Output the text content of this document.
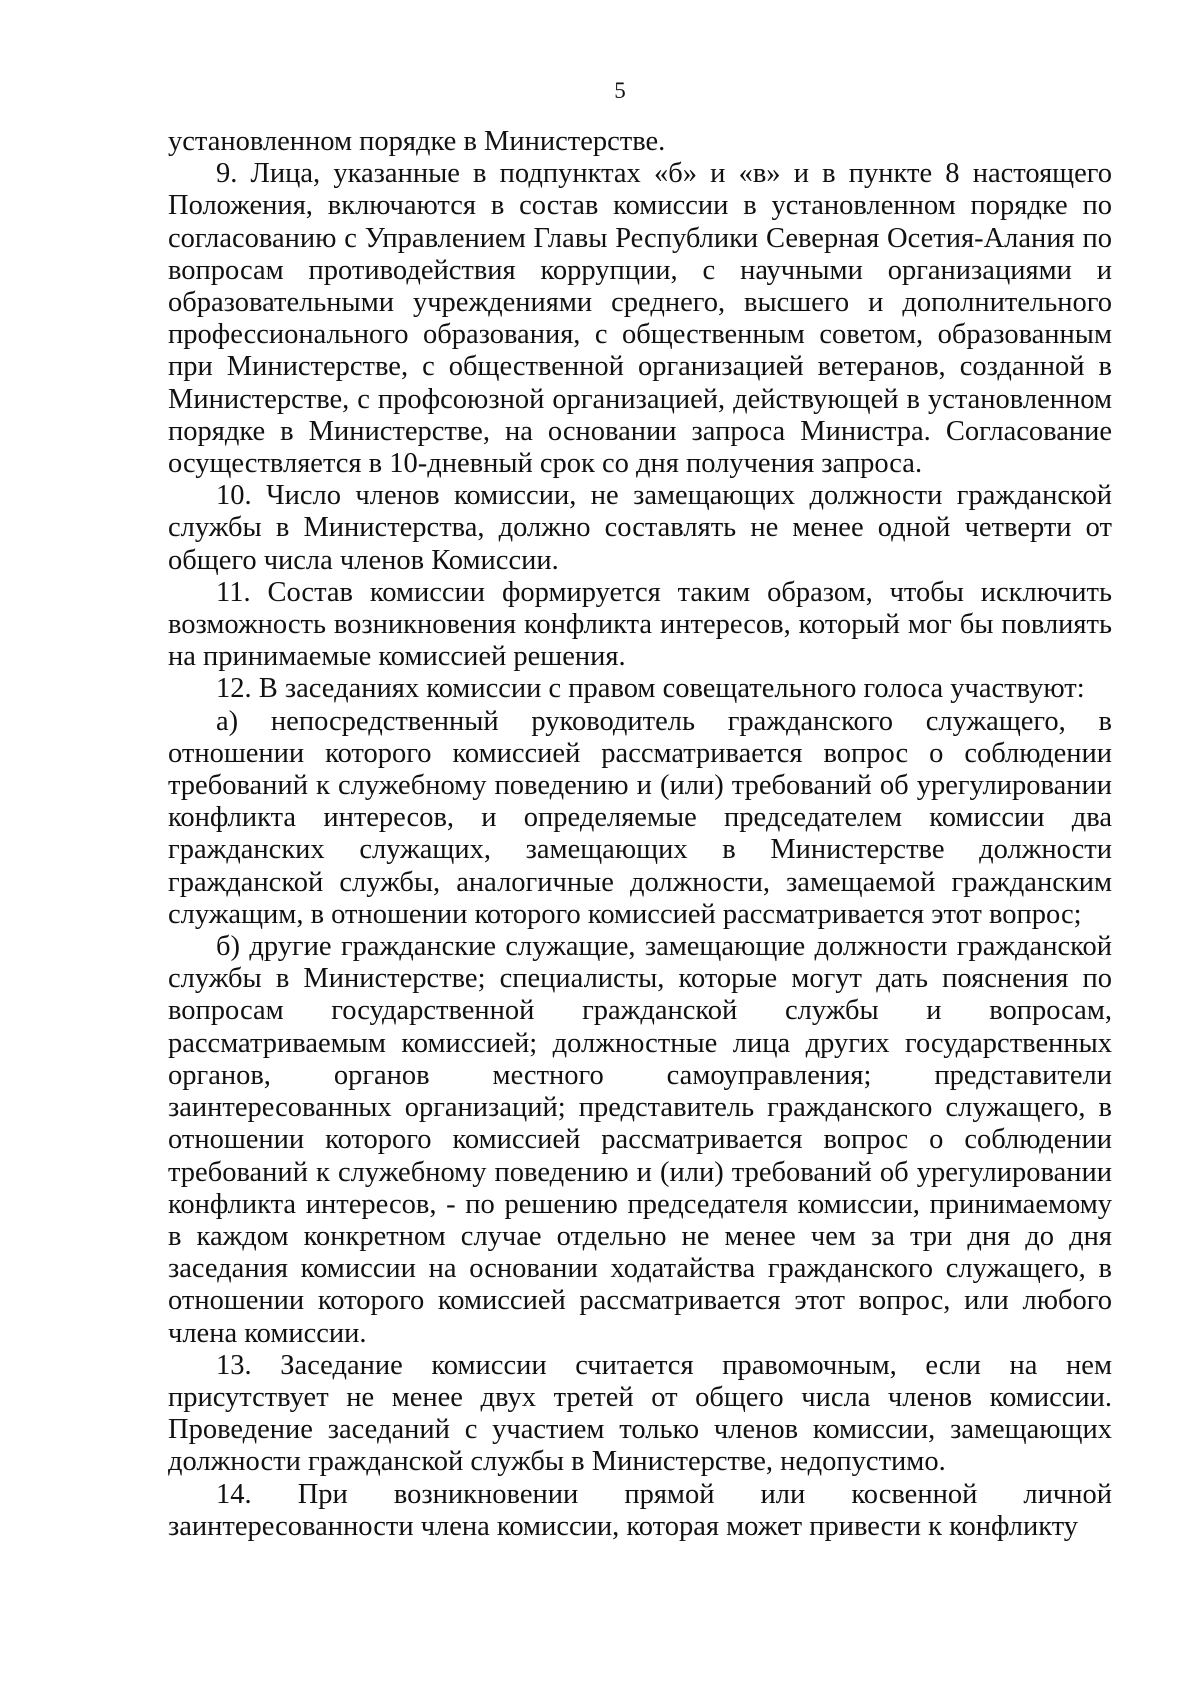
5

установленном порядке в Министерстве.

9. Лица, указанные в подпунктах «б» и «в» и в пункте 8 настоящего Положения, включаются в состав комиссии в установленном порядке по согласованию с Управлением Главы Республики Северная Осетия-Алания по вопросам противодействия коррупции, с научными организациями и образовательными учреждениями среднего, высшего и дополнительного профессионального образования, с общественным советом, образованным при Министерстве, с общественной организацией ветеранов, созданной в Министерстве, с профсоюзной организацией, действующей в установленном порядке в Министерстве, на основании запроса Министра. Согласование осуществляется в 10-дневный срок со дня получения запроса.

10. Число членов комиссии, не замещающих должности гражданской службы в Министерства, должно составлять не менее одной четверти от общего числа членов Комиссии.

11. Состав комиссии формируется таким образом, чтобы исключить возможность возникновения конфликта интересов, который мог бы повлиять на принимаемые комиссией решения.

12. В заседаниях комиссии с правом совещательного голоса участвуют:

а) непосредственный руководитель гражданского служащего, в отношении которого комиссией рассматривается вопрос о соблюдении требований к служебному поведению и (или) требований об урегулировании конфликта интересов, и определяемые председателем комиссии два гражданских служащих, замещающих в Министерстве должности гражданской службы, аналогичные должности, замещаемой гражданским служащим, в отношении которого комиссией рассматривается этот вопрос;

б) другие гражданские служащие, замещающие должности гражданской службы в Министерстве; специалисты, которые могут дать пояснения по вопросам государственной гражданской службы и вопросам, рассматриваемым комиссией; должностные лица других государственных органов, органов местного самоуправления; представители заинтересованных организаций; представитель гражданского служащего, в отношении которого комиссией рассматривается вопрос о соблюдении требований к служебному поведению и (или) требований об урегулировании конфликта интересов, - по решению председателя комиссии, принимаемому в каждом конкретном случае отдельно не менее чем за три дня до дня заседания комиссии на основании ходатайства гражданского служащего, в отношении которого комиссией рассматривается этот вопрос, или любого члена комиссии.

13. Заседание комиссии считается правомочным, если на нем присутствует не менее двух третей от общего числа членов комиссии. Проведение заседаний с участием только членов комиссии, замещающих должности гражданской службы в Министерстве, недопустимо.

14. При возникновении прямой или косвенной личной заинтересованности члена комиссии, которая может привести к конфликту
